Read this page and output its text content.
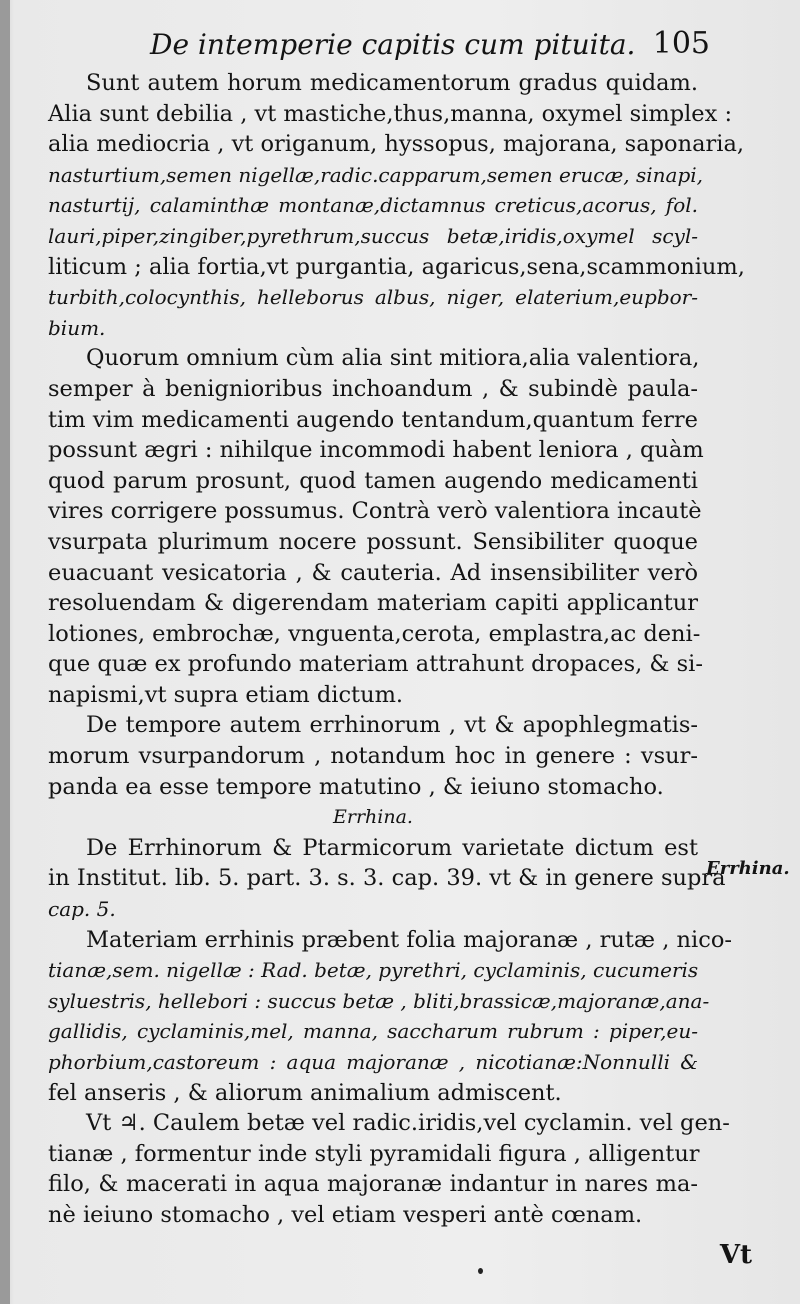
De intemperie capitis cum pituita. 105
Sunt autem horum medicamentorum gradus quidam.
Alia sunt debilia , vt mastiche,thus,manna, oxymel simplex :
alia mediocria , vt origanum, hyssopus, majorana, saponaria,
nasturtium,semen nigellæ,radic.capparum,semen erucæ, sinapi,
nasturtij, calaminthæ montanæ,dictamnus creticus,acorus, fol.
lauri,piper,zingiber,pyrethrum,succus betæ,iridis,oxymel scyl-
liticum ; alia fortia,vt purgantia, agaricus,sena,scammonium,
turbith,colocynthis, helleborus albus, niger, elaterium,eupbor-
bium.
Quorum omnium cùm alia sint mitiora,alia valentiora,
semper à benignioribus inchoandum , & subindè paula-
tim vim medicamenti augendo tentandum,quantum ferre
possunt ægri : nihilque incommodi habent leniora , quàm
quod parum prosunt, quod tamen augendo medicamenti
vires corrigere possumus. Contrà verò valentiora incautè
vsurpata plurimum nocere possunt. Sensibiliter quoque
euacuant vesicatoria , & cauteria. Ad insensibiliter verò
resoluendam & digerendam materiam capiti applicantur
lotiones, embrochæ, vnguenta,cerota, emplastra,ac deni-
que quæ ex profundo materiam attrahunt dropaces, & si-
napismi,vt supra etiam dictum.
De tempore autem errhinorum , vt & apophlegmatis-
morum vsurpandorum , notandum hoc in genere : vsur-
panda ea esse tempore matutino , & ieiuno stomacho.
Errhina.
De Errhinorum & Ptarmicorum varietate dictum est
in Institut. lib. 5. part. 3. s. 3. cap. 39. vt & in genere supra
cap. 5.
Materiam errhinis præbent folia majoranæ , rutæ , nico-
tianæ,sem. nigellæ : Rad. betæ, pyrethri, cyclaminis, cucumeris
syluestris, hellebori : succus betæ , bliti,brassicæ,majoranæ,ana-
gallidis, cyclaminis,mel, manna, saccharum rubrum : piper,eu-
phorbium,castoreum : aqua majoranæ , nicotianæ:Nonnulli &
fel anseris , & aliorum animalium admiscent.
Vt ♃. Caulem betæ vel radic.iridis,vel cyclamin. vel gen-
tianæ , formentur inde styli pyramidali figura , alligentur
filo, & macerati in aqua majoranæ indantur in nares ma-
nè ieiuno stomacho , vel etiam vesperi antè cœnam.
Errhina.
Vt
